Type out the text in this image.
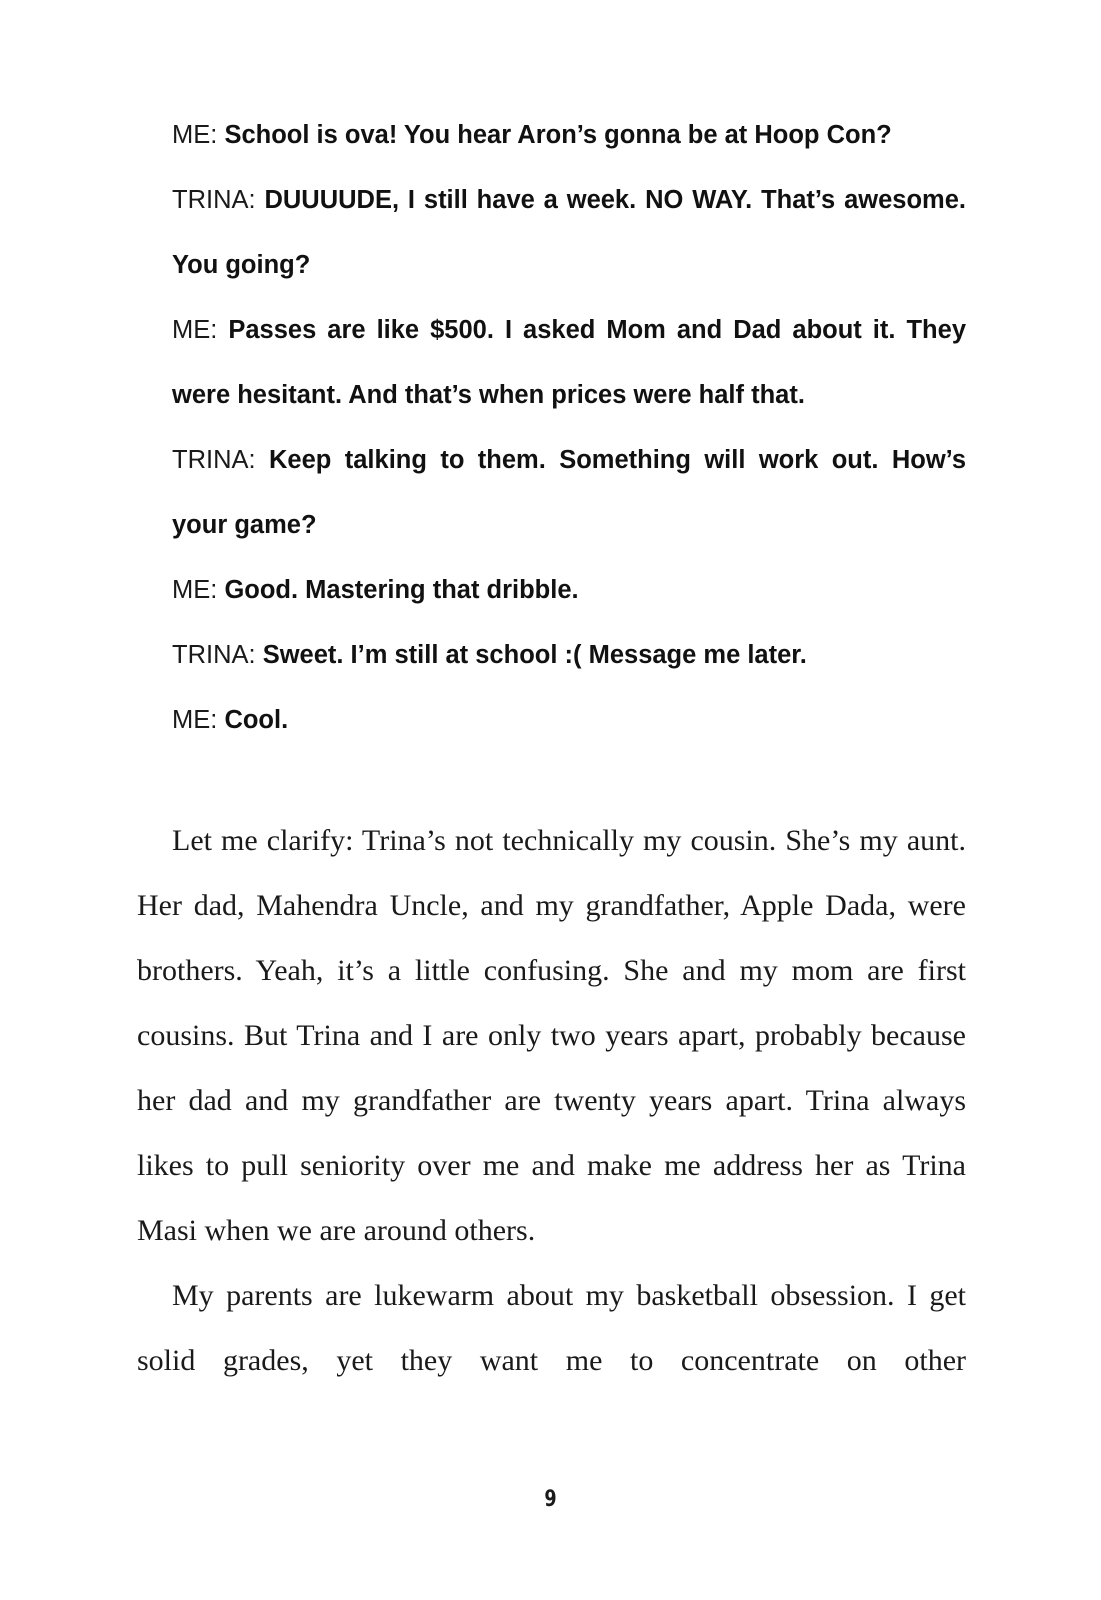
ME: School is ova! You hear Aron’s gonna be at Hoop Con?

TRINA: DUUUUDE, I still have a week. NO WAY. That’s awesome. You going?

ME: Passes are like $500. I asked Mom and Dad about it. They were hesitant. And that’s when prices were half that.

TRINA: Keep talking to them. Something will work out. How’s your game?

ME: Good. Mastering that dribble.

TRINA: Sweet. I’m still at school :( Message me later.

ME: Cool.

Let me clarify: Trina’s not technically my cousin. She’s my aunt. Her dad, Mahendra Uncle, and my grandfather, Apple Dada, were brothers. Yeah, it’s a little confusing. She and my mom are first cousins. But Trina and I are only two years apart, probably because her dad and my grandfather are twenty years apart. Trina always likes to pull seniority over me and make me address her as Trina Masi when we are around others.

My parents are lukewarm about my basketball obsession. I get solid grades, yet they want me to concentrate on other

9
